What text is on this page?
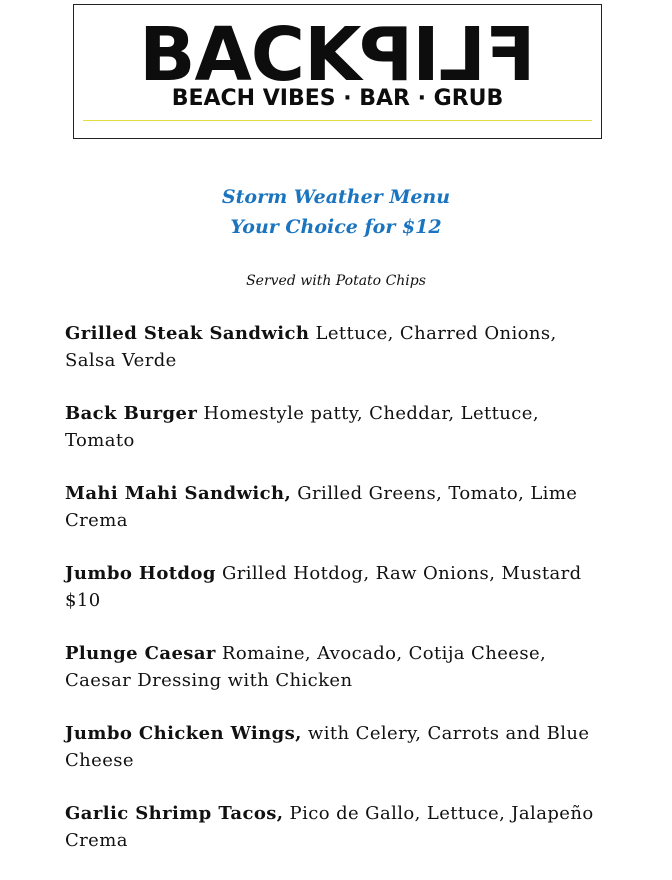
BACKFLIP
BEACH VIBES · BAR · GRUB
Storm Weather Menu
Your Choice for $12
Served with Potato Chips
Grilled Steak Sandwich Lettuce, Charred Onions, Salsa Verde
Back Burger Homestyle patty, Cheddar, Lettuce, Tomato
Mahi Mahi Sandwich, Grilled Greens, Tomato, Lime Crema
Jumbo Hotdog Grilled Hotdog, Raw Onions, Mustard $10
Plunge Caesar Romaine, Avocado, Cotija Cheese, Caesar Dressing with Chicken
Jumbo Chicken Wings, with Celery, Carrots and Blue Cheese
Garlic Shrimp Tacos, Pico de Gallo, Lettuce, Jalapeño Crema
